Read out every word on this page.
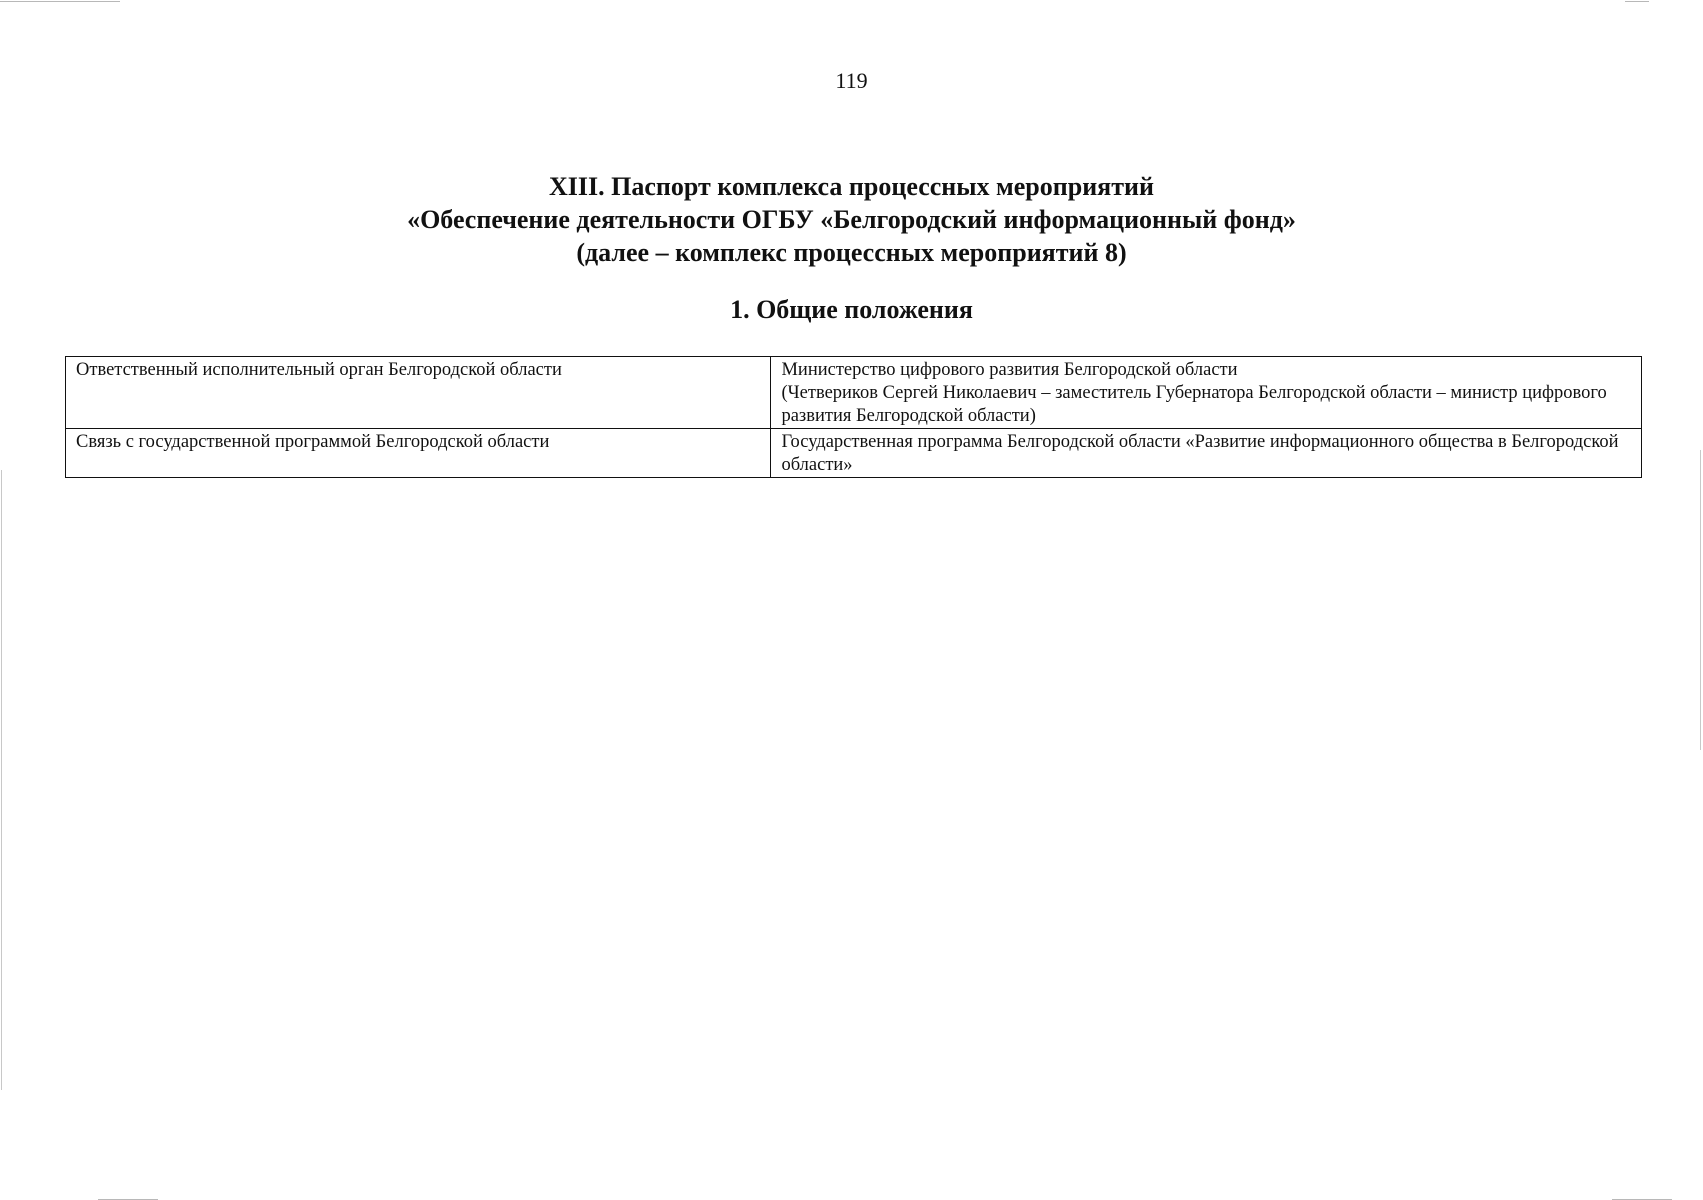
119
XIII. Паспорт комплекса процессных мероприятий
«Обеспечение деятельности ОГБУ «Белгородский информационный фонд»
(далее – комплекс процессных мероприятий 8)
1. Общие положения
Ответственный исполнительный орган Белгородской области	Министерство цифрового развития Белгородской области
(Четвериков Сергей Николаевич – заместитель Губернатора Белгородской области – министр цифрового развития Белгородской области)

Связь с государственной программой Белгородской области	Государственная программа Белгородской области «Развитие информационного общества в Белгородской области»
